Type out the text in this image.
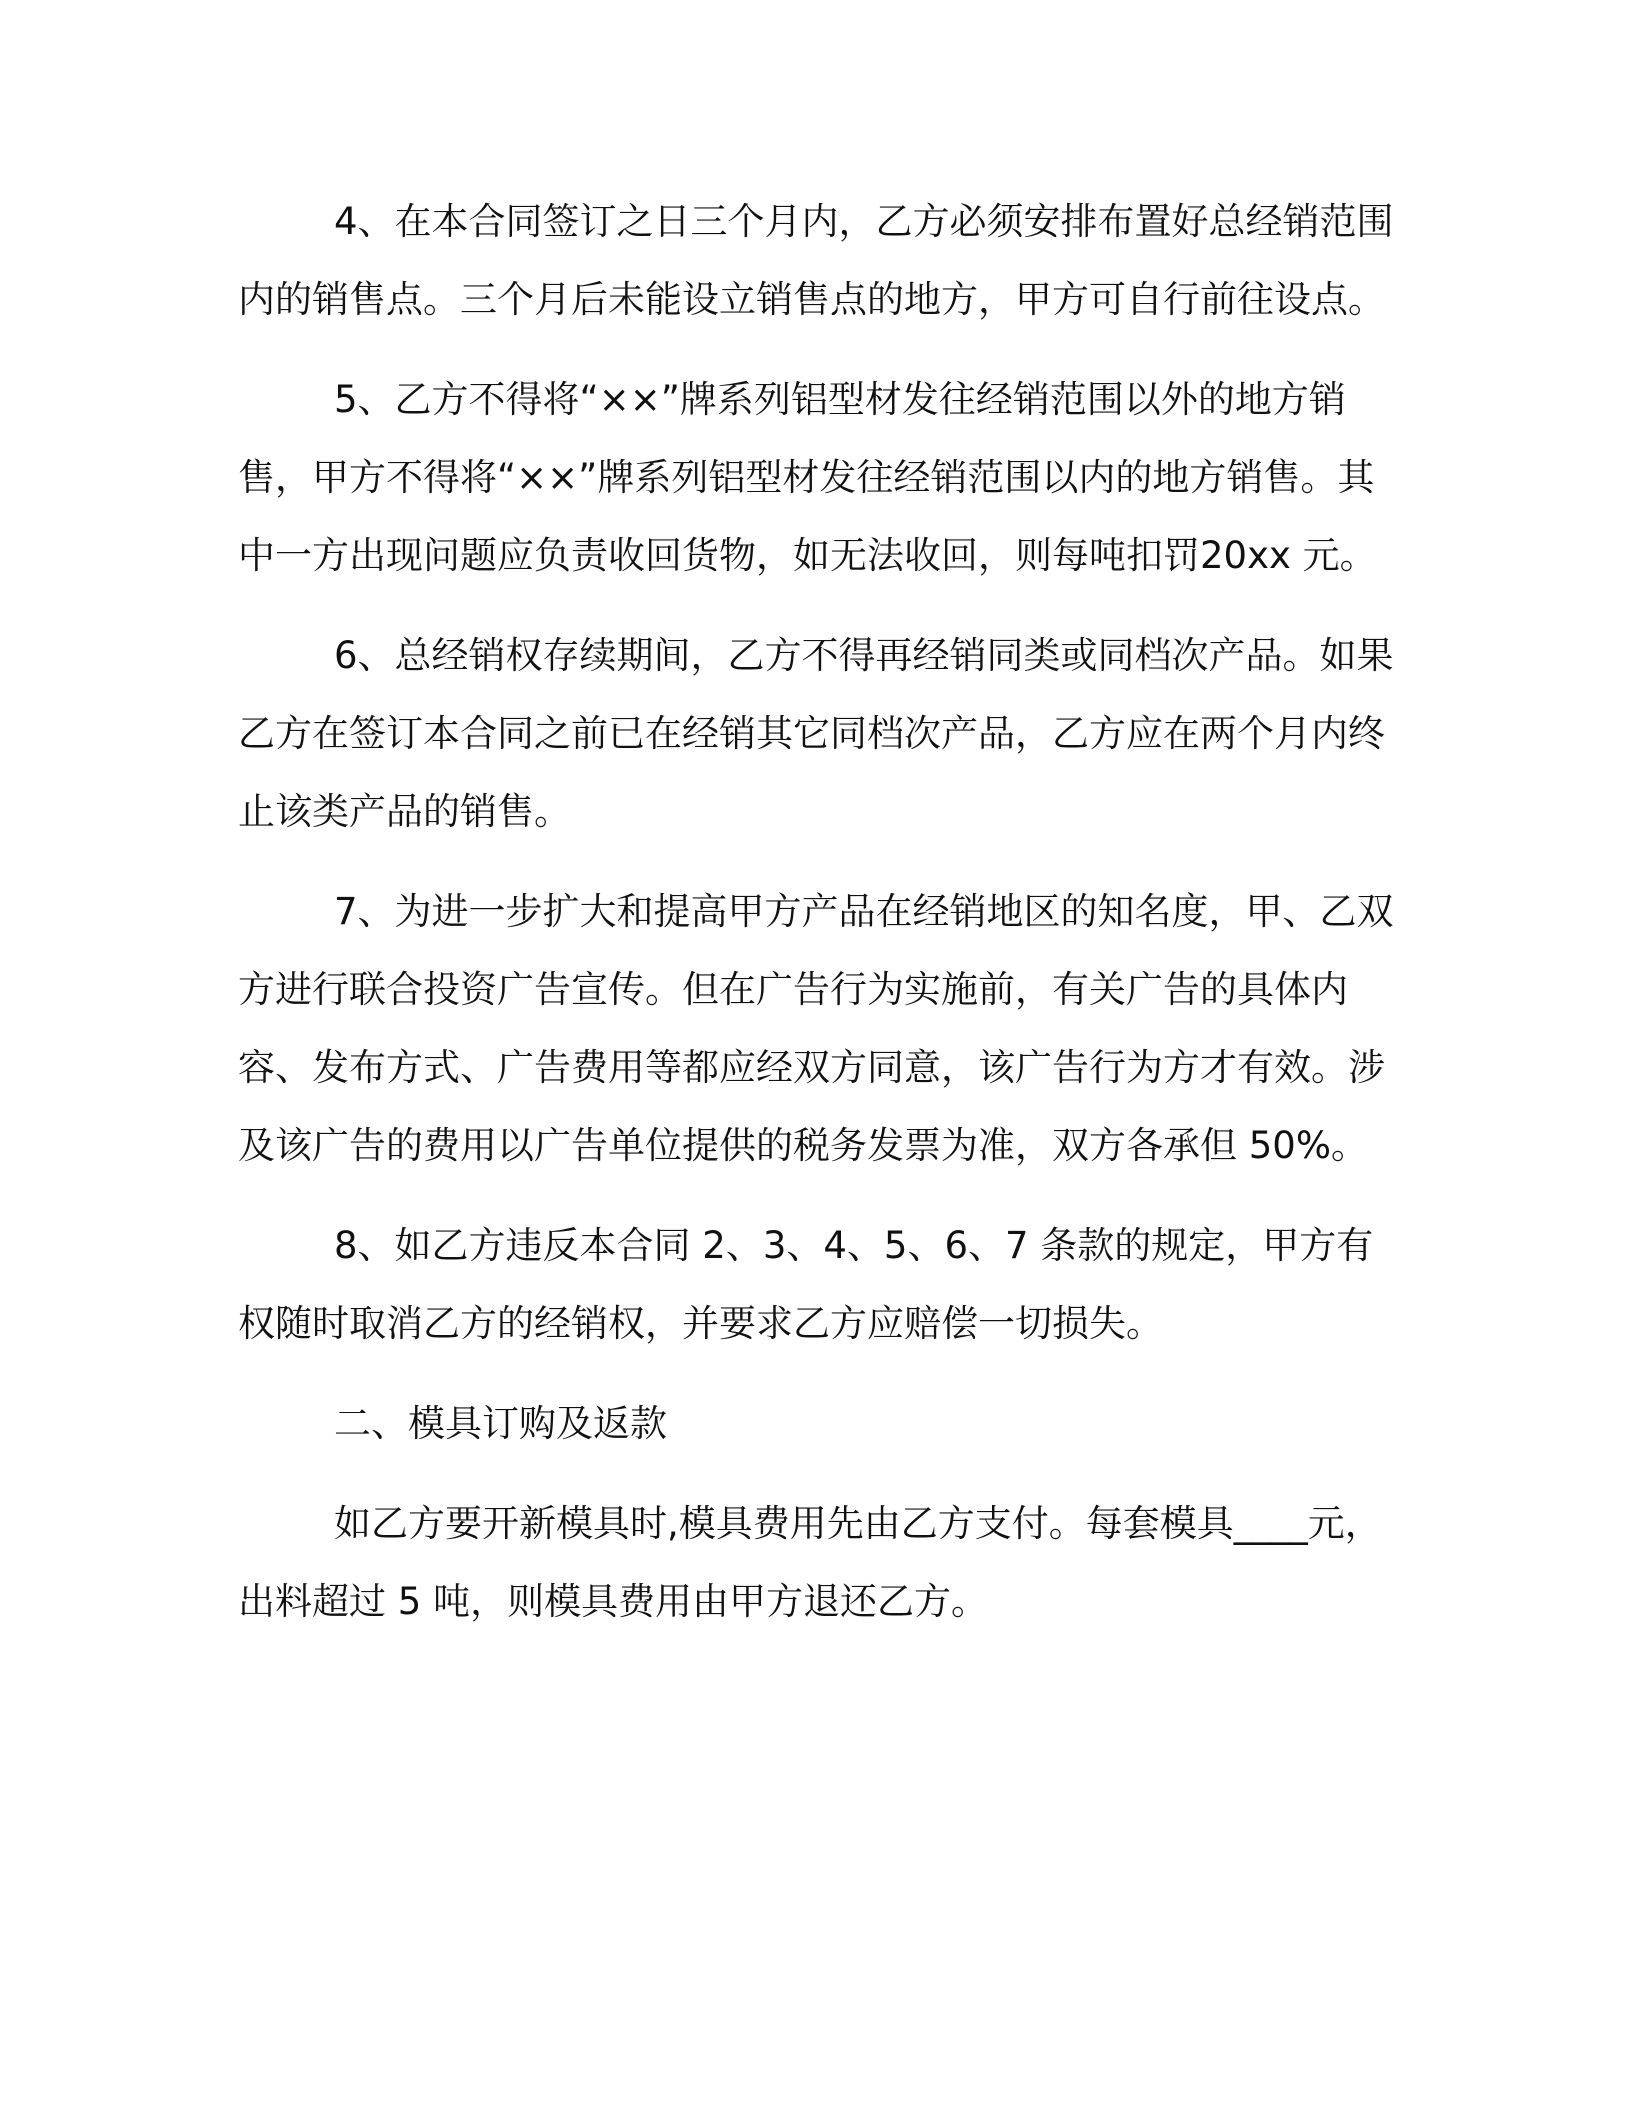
4、在本合同签订之日三个月内，乙方必须安排布置好总经销范围内的销售点。三个月后未能设立销售点的地方，甲方可自行前往设点。

5、乙方不得将“××”牌系列铝型材发往经销范围以外的地方销售，甲方不得将“××”牌系列铝型材发往经销范围以内的地方销售。其中一方出现问题应负责收回货物，如无法收回，则每吨扣罚20xx 元。

6、总经销权存续期间，乙方不得再经销同类或同档次产品。如果乙方在签订本合同之前已在经销其它同档次产品，乙方应在两个月内终止该类产品的销售。

7、为进一步扩大和提高甲方产品在经销地区的知名度，甲、乙双方进行联合投资广告宣传。但在广告行为实施前，有关广告的具体内容、发布方式、广告费用等都应经双方同意，该广告行为方才有效。涉及该广告的费用以广告单位提供的税务发票为准，双方各承但 50%。

8、如乙方违反本合同 2、3、4、5、6、7 条款的规定，甲方有权随时取消乙方的经销权，并要求乙方应赔偿一切损失。

二、模具订购及返款

如乙方要开新模具时,模具费用先由乙方支付。每套模具____元，出料超过 5 吨，则模具费用由甲方退还乙方。
